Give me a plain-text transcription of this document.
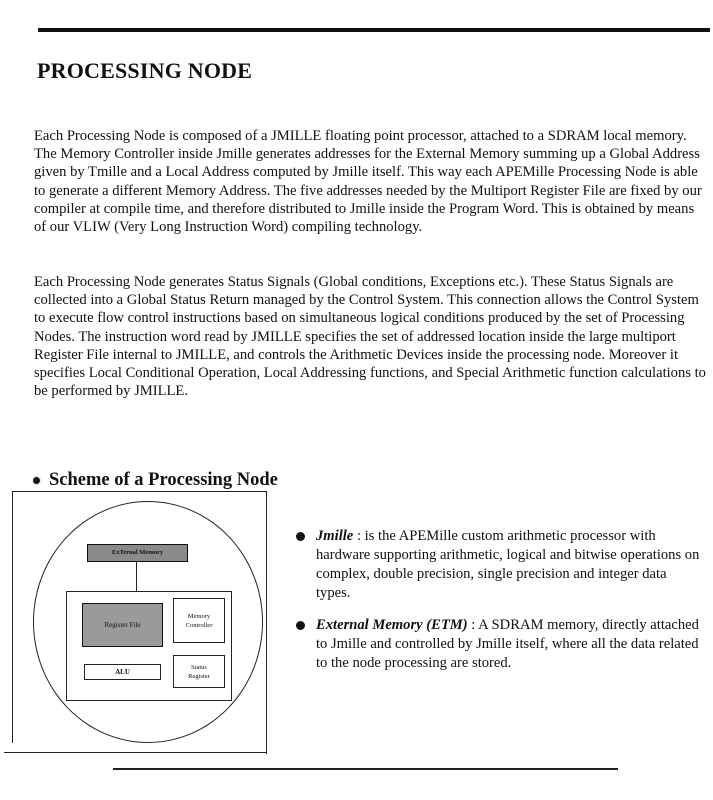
PROCESSING NODE

Each Processing Node is composed of a JMILLE floating point processor, attached to a SDRAM local memory. The Memory Controller inside Jmille generates addresses for the External Memory summing up a Global Address given by Tmille and a Local Address computed by Jmille itself. This way each APEMille Processing Node is able to generate a different Memory Address. The five addresses needed by the Multiport Register File are fixed by our compiler at compile time, and therefore distributed to Jmille inside the Program Word. This is obtained by means of our VLIW (Very Long Instruction Word) compiling technology.

Each Processing Node generates Status Signals (Global conditions, Exceptions etc.). These Status Signals are collected into a Global Status Return managed by the Control System. This connection allows the Control System to execute flow control instructions based on simultaneous logical conditions produced by the set of Processing Nodes. The instruction word read by JMILLE specifies the set of addressed location inside the large multiport Register File internal to JMILLE, and controls the Arithmetic Devices inside the processing node. Moreover it specifies Local Conditional Operation, Local Addressing functions, and Special Arithmetic function calculations to be performed by JMILLE.

Scheme of a Processing Node
ExTernal Memory
Register File
Memory
Controller
ALU
Status
Register
Jmille : is the APEMille custom arithmetic processor with hardware supporting arithmetic, logical and bitwise operations on complex, double precision, single precision and integer data types.
External Memory (ETM) : A SDRAM memory, directly attached to Jmille and controlled by Jmille itself, where all the data related to the node processing are stored.
